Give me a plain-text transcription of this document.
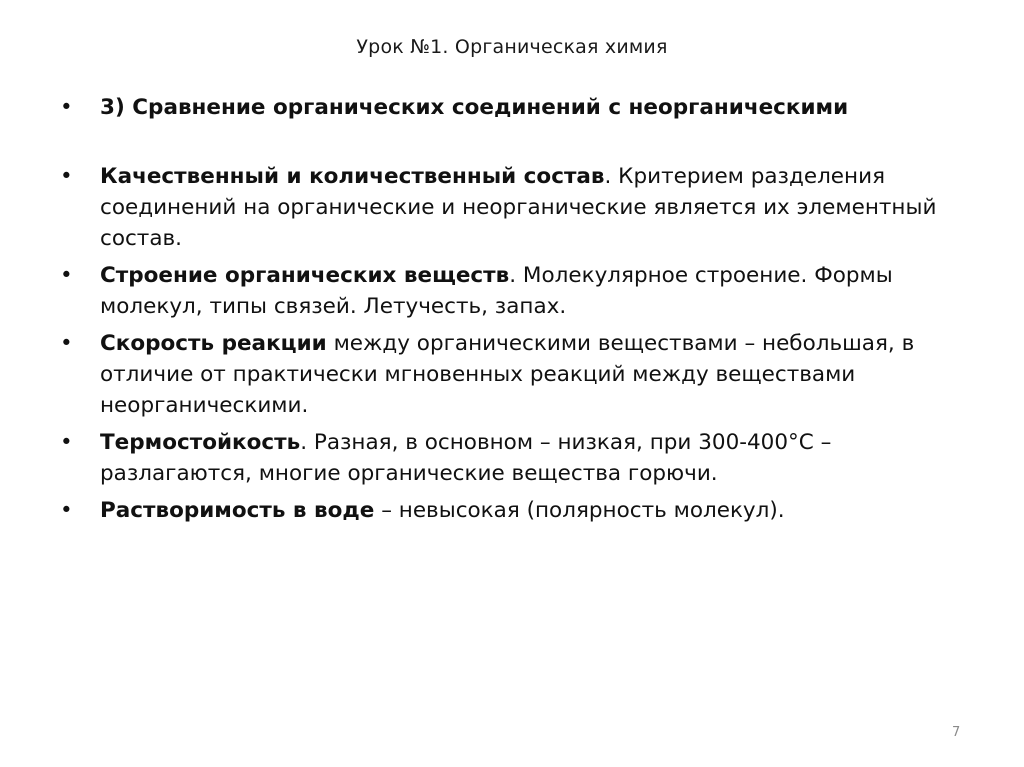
Урок №1. Органическая химия
•	3) Сравнение органических соединений с неорганическими
•	Качественный и количественный состав. Критерием разделения соединений на органические и неорганические является их элементный состав.
•	Строение органических веществ. Молекулярное строение. Формы молекул, типы связей. Летучесть, запах.
•	Скорость реакции между органическими веществами – небольшая, в отличие от практически мгновенных реакций между веществами неорганическими.
•	Термостойкость. Разная, в основном – низкая, при 300-400°С – разлагаются, многие органические вещества горючи.
•	Растворимость в воде – невысокая (полярность молекул).
7
